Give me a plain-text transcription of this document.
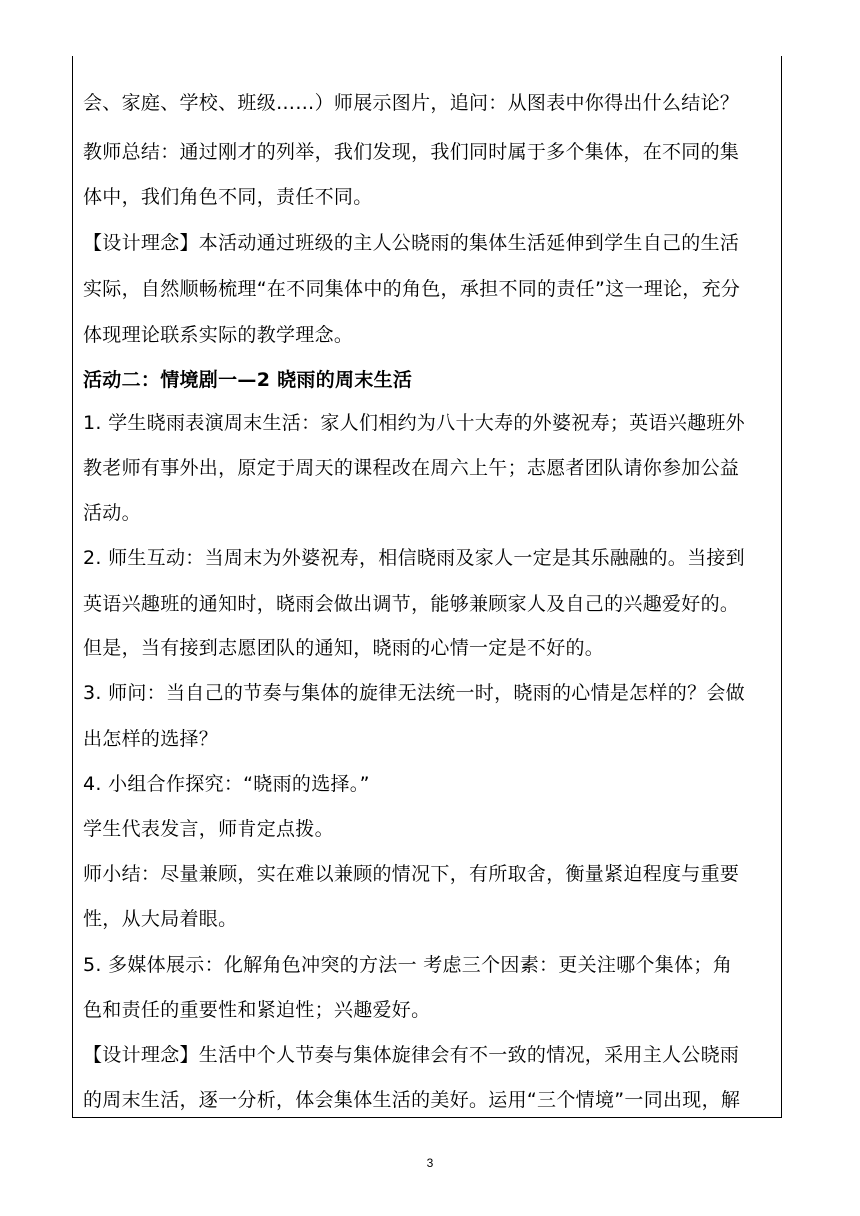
会、家庭、学校、班级……）师展示图片，追问：从图表中你得出什么结论？
教师总结：通过刚才的列举，我们发现，我们同时属于多个集体，在不同的集
体中，我们角色不同，责任不同。
【设计理念】本活动通过班级的主人公晓雨的集体生活延伸到学生自己的生活
实际，自然顺畅梳理“在不同集体中的角色，承担不同的责任”这一理论，充分
体现理论联系实际的教学理念。
活动二：情境剧一—2 晓雨的周末生活
1. 学生晓雨表演周末生活：家人们相约为八十大寿的外婆祝寿；英语兴趣班外
教老师有事外出，原定于周天的课程改在周六上午；志愿者团队请你参加公益
活动。
2. 师生互动：当周末为外婆祝寿，相信晓雨及家人一定是其乐融融的。当接到
英语兴趣班的通知时，晓雨会做出调节，能够兼顾家人及自己的兴趣爱好的。
但是，当有接到志愿团队的通知，晓雨的心情一定是不好的。
3. 师问：当自己的节奏与集体的旋律无法统一时，晓雨的心情是怎样的？会做
出怎样的选择？
4. 小组合作探究：“晓雨的选择。”
学生代表发言，师肯定点拨。
师小结：尽量兼顾，实在难以兼顾的情况下，有所取舍，衡量紧迫程度与重要
性，从大局着眼。
5. 多媒体展示：化解角色冲突的方法一 考虑三个因素：更关注哪个集体；角
色和责任的重要性和紧迫性；兴趣爱好。
【设计理念】生活中个人节奏与集体旋律会有不一致的情况，采用主人公晓雨
的周末生活，逐一分析，体会集体生活的美好。运用“三个情境”一同出现，解
3
